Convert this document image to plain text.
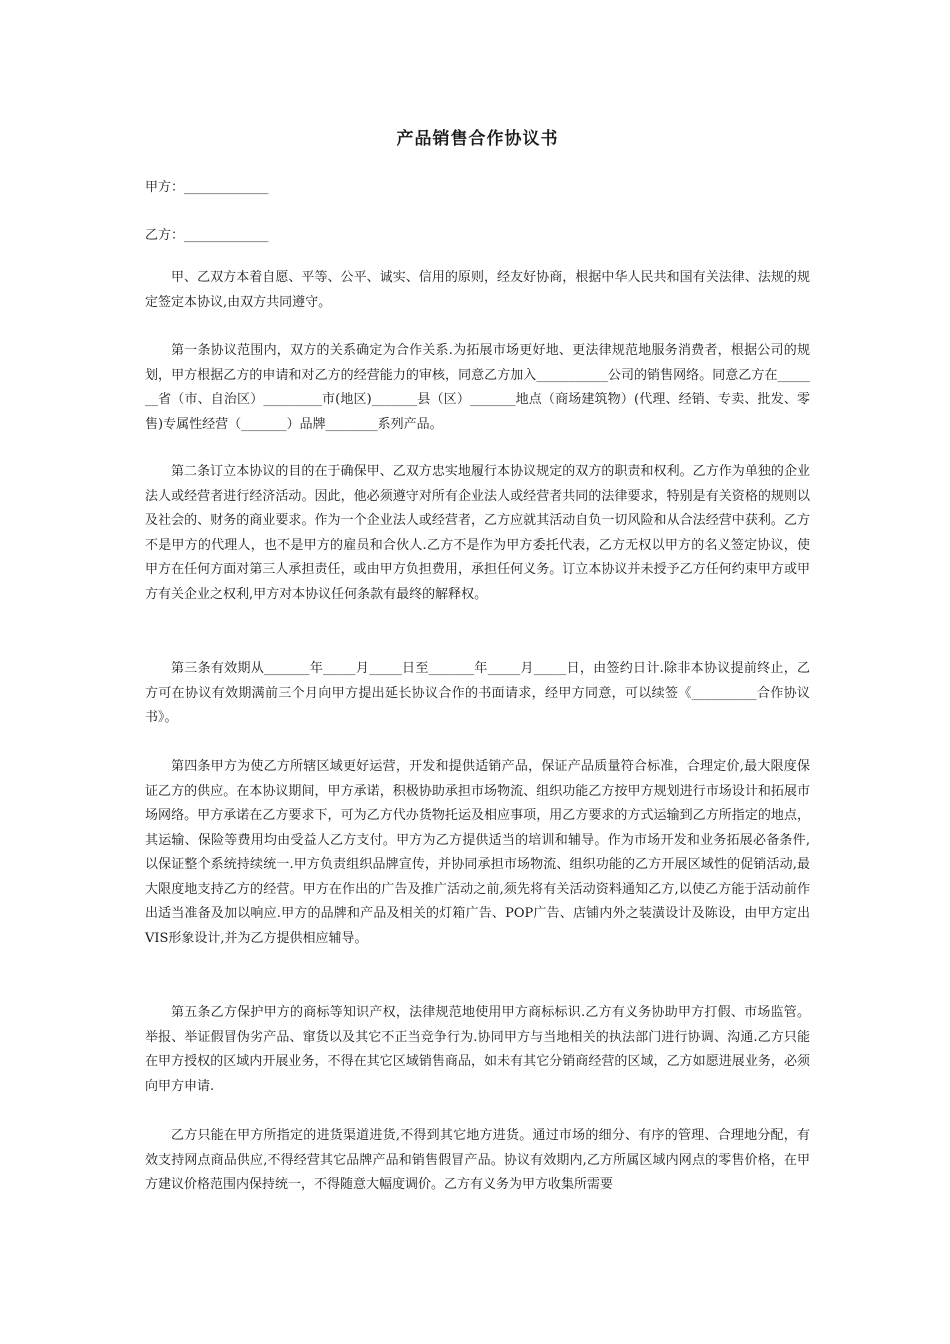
产品销售合作协议书

甲方：_____________

乙方：_____________

甲、乙双方本着自愿、平等、公平、诚实、信用的原则，经友好协商，根据中华人民共和国有关法律、法规的规定签定本协议,由双方共同遵守。

第一条协议范围内，双方的关系确定为合作关系.为拓展市场更好地、更法律规范地服务消费者，根据公司的规划，甲方根据乙方的申请和对乙方的经营能力的审核，同意乙方加入___________公司的销售网络。同意乙方在_______省（市、自治区）_________市(地区)_______县（区）_______地点（商场建筑物）(代理、经销、专卖、批发、零售)专属性经营（_______）品牌________系列产品。

第二条订立本协议的目的在于确保甲、乙双方忠实地履行本协议规定的双方的职责和权利。乙方作为单独的企业法人或经营者进行经济活动。因此，他必须遵守对所有企业法人或经营者共同的法律要求，特别是有关资格的规则以及社会的、财务的商业要求。作为一个企业法人或经营者，乙方应就其活动自负一切风险和从合法经营中获利。乙方不是甲方的代理人，也不是甲方的雇员和合伙人.乙方不是作为甲方委托代表，乙方无权以甲方的名义签定协议，使甲方在任何方面对第三人承担责任，或由甲方负担费用，承担任何义务。订立本协议并未授予乙方任何约束甲方或甲方有关企业之权利,甲方对本协议任何条款有最终的解释权。

第三条有效期从_______年_____月_____日至_______年_____月_____日，由签约日计.除非本协议提前终止，乙方可在协议有效期满前三个月向甲方提出延长协议合作的书面请求，经甲方同意，可以续签《__________合作协议书》。

第四条甲方为使乙方所辖区域更好运营，开发和提供适销产品，保证产品质量符合标准，合理定价,最大限度保证乙方的供应。在本协议期间，甲方承诺，积极协助承担市场物流、组织功能乙方按甲方规划进行市场设计和拓展市场网络。甲方承诺在乙方要求下，可为乙方代办货物托运及相应事项，用乙方要求的方式运输到乙方所指定的地点，其运输、保险等费用均由受益人乙方支付。甲方为乙方提供适当的培训和辅导。作为市场开发和业务拓展必备条件,以保证整个系统持续统一.甲方负责组织品牌宣传，并协同承担市场物流、组织功能的乙方开展区域性的促销活动,最大限度地支持乙方的经营。甲方在作出的广告及推广活动之前,须先将有关活动资料通知乙方,以使乙方能于活动前作出适当准备及加以响应.甲方的品牌和产品及相关的灯箱广告、POP广告、店铺内外之装潢设计及陈设，由甲方定出VIS形象设计,并为乙方提供相应辅导。

第五条乙方保护甲方的商标等知识产权，法律规范地使用甲方商标标识.乙方有义务协助甲方打假、市场监管。举报、举证假冒伪劣产品、窜货以及其它不正当竞争行为.协同甲方与当地相关的执法部门进行协调、沟通.乙方只能在甲方授权的区域内开展业务，不得在其它区域销售商品，如未有其它分销商经营的区域，乙方如愿进展业务，必须向甲方申请.

乙方只能在甲方所指定的进货渠道进货,不得到其它地方进货。通过市场的细分、有序的管理、合理地分配，有效支持网点商品供应,不得经营其它品牌产品和销售假冒产品。协议有效期内,乙方所属区域内网点的零售价格，在甲方建议价格范围内保持统一，不得随意大幅度调价。乙方有义务为甲方收集所需要
